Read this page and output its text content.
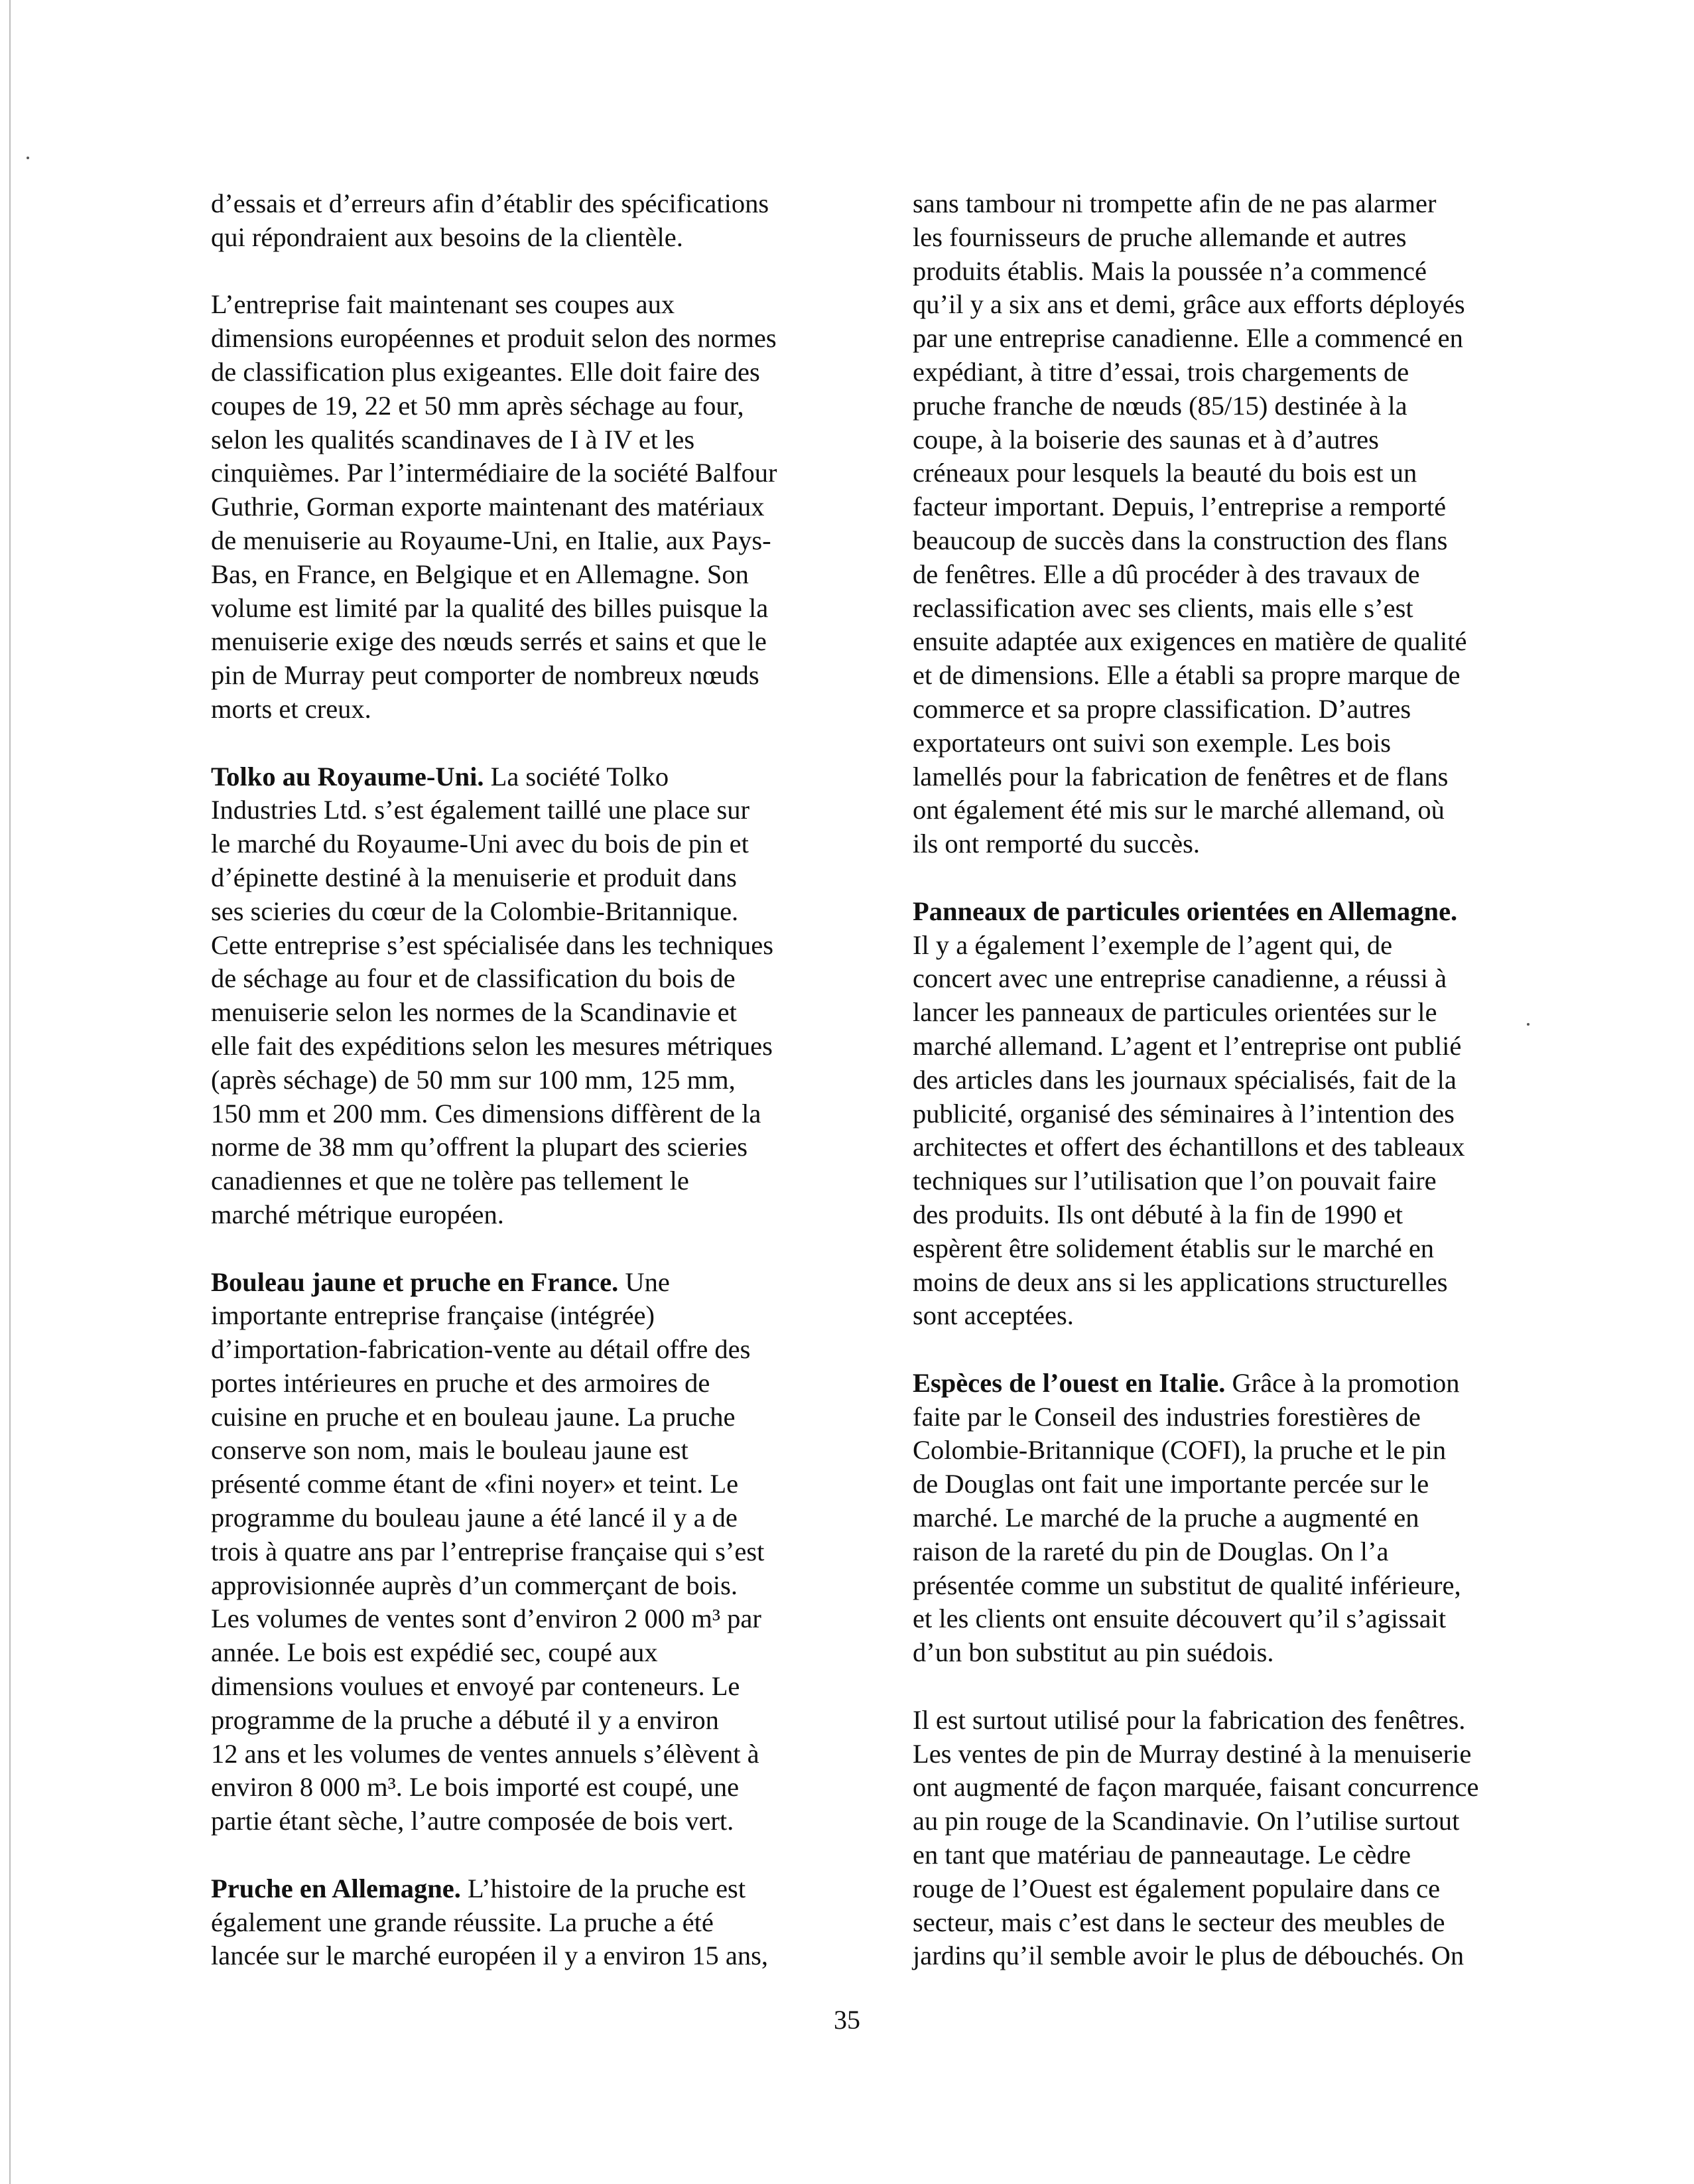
d’essais et d’erreurs afin d’établir des spécifications
qui répondraient aux besoins de la clientèle.
L’entreprise fait maintenant ses coupes aux
dimensions européennes et produit selon des normes
de classification plus exigeantes. Elle doit faire des
coupes de 19, 22 et 50 mm après séchage au four,
selon les qualités scandinaves de I à IV et les
cinquièmes. Par l’intermédiaire de la société Balfour
Guthrie, Gorman exporte maintenant des matériaux
de menuiserie au Royaume-Uni, en Italie, aux Pays-
Bas, en France, en Belgique et en Allemagne. Son
volume est limité par la qualité des billes puisque la
menuiserie exige des nœuds serrés et sains et que le
pin de Murray peut comporter de nombreux nœuds
morts et creux.
Tolko au Royaume-Uni. La société Tolko
Industries Ltd. s’est également taillé une place sur
le marché du Royaume-Uni avec du bois de pin et
d’épinette destiné à la menuiserie et produit dans
ses scieries du cœur de la Colombie-Britannique.
Cette entreprise s’est spécialisée dans les techniques
de séchage au four et de classification du bois de
menuiserie selon les normes de la Scandinavie et
elle fait des expéditions selon les mesures métriques
(après séchage) de 50 mm sur 100 mm, 125 mm,
150 mm et 200 mm. Ces dimensions diffèrent de la
norme de 38 mm qu’offrent la plupart des scieries
canadiennes et que ne tolère pas tellement le
marché métrique européen.
Bouleau jaune et pruche en France. Une
importante entreprise française (intégrée)
d’importation-fabrication-vente au détail offre des
portes intérieures en pruche et des armoires de
cuisine en pruche et en bouleau jaune. La pruche
conserve son nom, mais le bouleau jaune est
présenté comme étant de «fini noyer» et teint. Le
programme du bouleau jaune a été lancé il y a de
trois à quatre ans par l’entreprise française qui s’est
approvisionnée auprès d’un commerçant de bois.
Les volumes de ventes sont d’environ 2 000 m³ par
année. Le bois est expédié sec, coupé aux
dimensions voulues et envoyé par conteneurs. Le
programme de la pruche a débuté il y a environ
12 ans et les volumes de ventes annuels s’élèvent à
environ 8 000 m³. Le bois importé est coupé, une
partie étant sèche, l’autre composée de bois vert.
Pruche en Allemagne. L’histoire de la pruche est
également une grande réussite. La pruche a été
lancée sur le marché européen il y a environ 15 ans,
sans tambour ni trompette afin de ne pas alarmer
les fournisseurs de pruche allemande et autres
produits établis. Mais la poussée n’a commencé
qu’il y a six ans et demi, grâce aux efforts déployés
par une entreprise canadienne. Elle a commencé en
expédiant, à titre d’essai, trois chargements de
pruche franche de nœuds (85/15) destinée à la
coupe, à la boiserie des saunas et à d’autres
créneaux pour lesquels la beauté du bois est un
facteur important. Depuis, l’entreprise a remporté
beaucoup de succès dans la construction des flans
de fenêtres. Elle a dû procéder à des travaux de
reclassification avec ses clients, mais elle s’est
ensuite adaptée aux exigences en matière de qualité
et de dimensions. Elle a établi sa propre marque de
commerce et sa propre classification. D’autres
exportateurs ont suivi son exemple. Les bois
lamellés pour la fabrication de fenêtres et de flans
ont également été mis sur le marché allemand, où
ils ont remporté du succès.
Panneaux de particules orientées en Allemagne.
Il y a également l’exemple de l’agent qui, de
concert avec une entreprise canadienne, a réussi à
lancer les panneaux de particules orientées sur le
marché allemand. L’agent et l’entreprise ont publié
des articles dans les journaux spécialisés, fait de la
publicité, organisé des séminaires à l’intention des
architectes et offert des échantillons et des tableaux
techniques sur l’utilisation que l’on pouvait faire
des produits. Ils ont débuté à la fin de 1990 et
espèrent être solidement établis sur le marché en
moins de deux ans si les applications structurelles
sont acceptées.
Espèces de l’ouest en Italie. Grâce à la promotion
faite par le Conseil des industries forestières de
Colombie-Britannique (COFI), la pruche et le pin
de Douglas ont fait une importante percée sur le
marché. Le marché de la pruche a augmenté en
raison de la rareté du pin de Douglas. On l’a
présentée comme un substitut de qualité inférieure,
et les clients ont ensuite découvert qu’il s’agissait
d’un bon substitut au pin suédois.
Il est surtout utilisé pour la fabrication des fenêtres.
Les ventes de pin de Murray destiné à la menuiserie
ont augmenté de façon marquée, faisant concurrence
au pin rouge de la Scandinavie. On l’utilise surtout
en tant que matériau de panneautage. Le cèdre
rouge de l’Ouest est également populaire dans ce
secteur, mais c’est dans le secteur des meubles de
jardins qu’il semble avoir le plus de débouchés. On
35
